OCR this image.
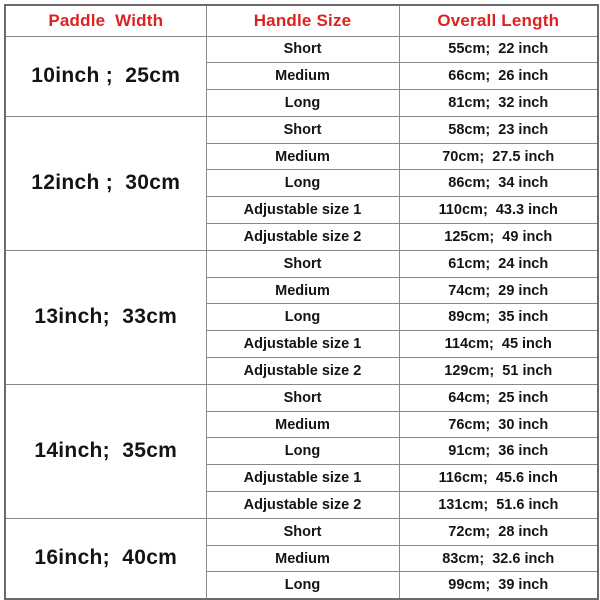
Paddle  Width	Handle Size	Overall Length
10inch ;  25cm	Short	55cm;  22 inch
	Medium	66cm;  26 inch
	Long	81cm;  32 inch
12inch ;  30cm	Short	58cm;  23 inch
	Medium	70cm;  27.5 inch
	Long	86cm;  34 inch
	Adjustable size 1	110cm;  43.3 inch
	Adjustable size 2	125cm;  49 inch
13inch;  33cm	Short	61cm;  24 inch
	Medium	74cm;  29 inch
	Long	89cm;  35 inch
	Adjustable size 1	114cm;  45 inch
	Adjustable size 2	129cm;  51 inch
14inch;  35cm	Short	64cm;  25 inch
	Medium	76cm;  30 inch
	Long	91cm;  36 inch
	Adjustable size 1	116cm;  45.6 inch
	Adjustable size 2	131cm;  51.6 inch
16inch;  40cm	Short	72cm;  28 inch
	Medium	83cm;  32.6 inch
	Long	99cm;  39 inch
